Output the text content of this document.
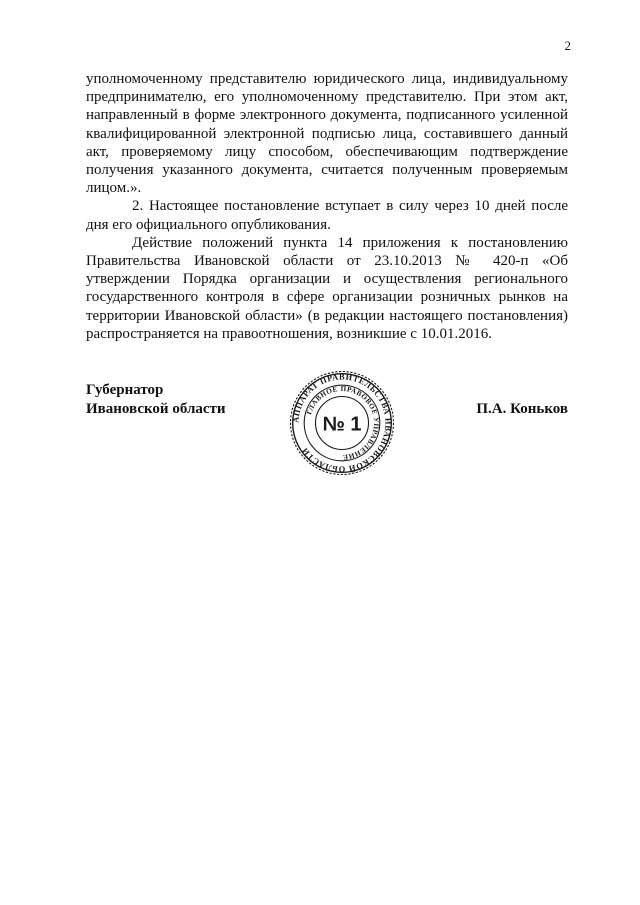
2

уполномоченному представителю юридического лица, индивидуальному предпринимателю, его уполномоченному представителю. При этом акт, направленный в форме электронного документа, подписанного усиленной квалифицированной электронной подписью лица, составившего данный акт, проверяемому лицу способом, обеспечивающим подтверждение получения указанного документа, считается полученным проверяемым лицом.».

2. Настоящее постановление вступает в силу через 10 дней после дня его официального опубликования.

Действие положений пункта 14 приложения к постановлению Правительства Ивановской области от 23.10.2013 № 420-п «Об утверждении Порядка организации и осуществления регионального государственного контроля в сфере организации розничных рынков на территории Ивановской области» (в редакции настоящего постановления) распространяется на правоотношения, возникшие с 10.01.2016.

Губернатор
Ивановской области
АППАРАТ ПРАВИТЕЛЬСТВА ИВАНОВСКОЙ ОБЛАСТИ
ГЛАВНОЕ ПРАВОВОЕ УПРАВЛЕНИЕ
№ 1
П.А. Коньков
